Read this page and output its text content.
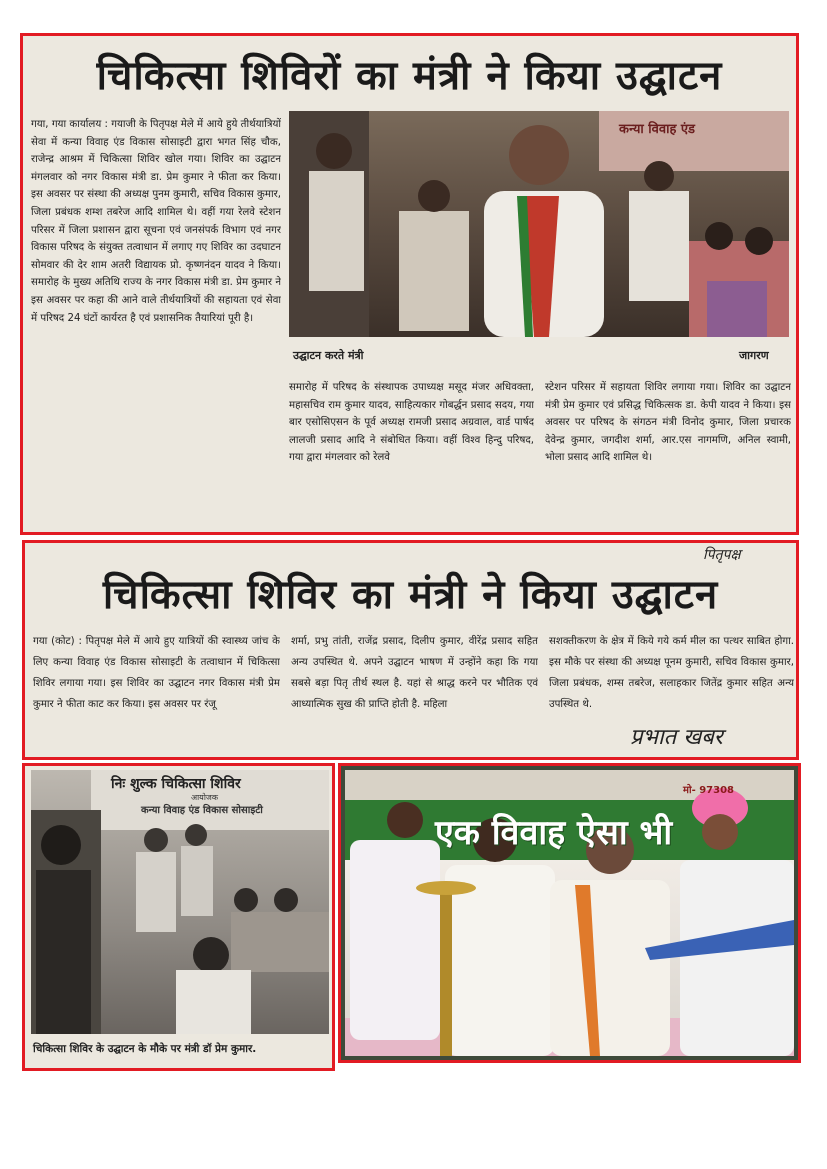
चिकित्सा शिविरों का मंत्री ने किया उद्घाटन
गया, गया कार्यालय : गयाजी के पितृपक्ष मेले में आये हुये तीर्थयात्रियों सेवा में कन्या विवाह एंड विकास सोसाइटी द्वारा भगत सिंह चौक, राजेन्द्र आश्रम में चिकित्सा शिविर खोल गया। शिविर का उद्घाटन मंगलवार को नगर विकास मंत्री डा. प्रेम कुमार ने फीता कर किया। इस अवसर पर संस्था की अध्यक्ष पुनम कुमारी, सचिव विकास कुमार, जिला प्रबंधक शम्श तबरेज आदि शामिल थे। वहीं गया रेलवे स्टेशन परिसर में जिला प्रशासन द्वारा सूचना एवं जनसंपर्क विभाग एवं नगर विकास परिषद के संयुक्त तत्वाधान में लगाए गए शिविर का उदघाटन सोमवार की देर शाम अतरी विद्यायक प्रो. कृष्णनंदन यादव ने किया। समारोह के मुख्य अतिथि राज्य के नगर विकास मंत्री डा. प्रेम कुमार ने इस अवसर पर कहा की आने वाले तीर्थयात्रियों की सहायता एवं सेवा में परिषद 24 घंटों कार्यरत है एवं प्रशासनिक तैयारियां पूरी है।
कन्या विवाह एंड
उद्घाटन करते मंत्री	जागरण
समारोह में परिषद के संस्थापक उपाध्यक्ष मसूद मंजर अधिवक्ता, महासचिव राम कुमार यादव, साहित्यकार गोबर्द्धन प्रसाद सदय, गया बार एसोसिएसन के पूर्व अध्यक्ष रामजी प्रसाद अग्रवाल, वार्ड पार्षद लालजी प्रसाद आदि ने संबोधित किया। वहीं विश्व हिन्दु परिषद, गया द्वारा मंगलवार को रेलवे
स्टेशन परिसर में सहायता शिविर लगाया गया। शिविर का उद्घाटन मंत्री प्रेम कुमार एवं प्रसिद्ध चिकित्सक डा. केपी यादव ने किया। इस अवसर पर परिषद के संगठन मंत्री विनोद कुमार, जिला प्रचारक देवेन्द्र कुमार, जगदीश शर्मा, आर.एस नागमणि, अनिल स्वामी, भोला प्रसाद आदि शामिल थे।
पितृपक्ष
चिकित्सा शिविर का मंत्री ने किया उद्घाटन
गया (कोट) : पितृपक्ष मेले में आये हुए यात्रियों की स्वास्थ्य जांच के लिए कन्या विवाह एंड विकास सोसाइटी के तत्वाधान में चिकित्सा शिविर लगाया गया। इस शिविर का उद्घाटन नगर विकास मंत्री प्रेम कुमार ने फीता काट कर किया। इस अवसर पर रंजू
शर्मा, प्रभु तांती, राजेंद्र प्रसाद, दिलीप कुमार, वीरेंद्र प्रसाद सहित अन्य उपस्थित थे. अपने उद्घाटन भाषण में उन्होंने कहा कि गया सबसे बड़ा पितृ तीर्थ स्थल है. यहां से श्राद्ध करने पर भौतिक एवं आध्यात्मिक सुख की प्राप्ति होती है. महिला
सशक्तीकरण के क्षेत्र में किये गये कर्म मील का पत्थर साबित होगा. इस मौके पर संस्था की अध्यक्ष पूनम कुमारी, सचिव विकास कुमार, जिला प्रबंधक, शम्स तबरेज, सलाहकार जितेंद्र कुमार सहित अन्य उपस्थित थे.
प्रभात खबर
निः शुल्क चिकित्सा शिविर
आयोजक
कन्या विवाह एंड विकास सोसाइटी
चिकित्सा शिविर के उद्घाटन के मौके पर मंत्री डॉ प्रेम कुमार.
एक विवाह ऐसा भी
मो- 97308
